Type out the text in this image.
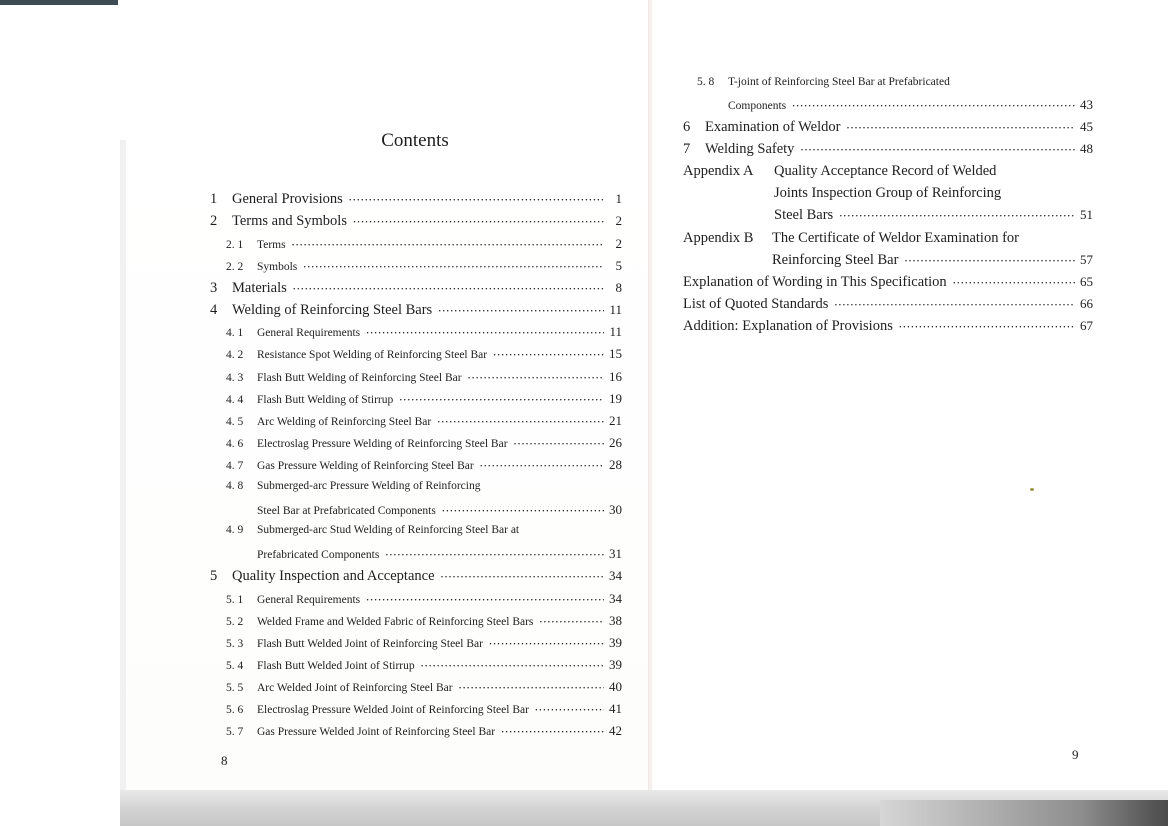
Contents
1	General Provisions ·····	1
2	Terms and Symbols ·····	2
2. 1	Terms ·····	2
2. 2	Symbols ·····	5
3	Materials ·····	8
4	Welding of Reinforcing Steel Bars ·····	11
4. 1	General Requirements ·····	11
4. 2	Resistance Spot Welding of Reinforcing Steel Bar ·····	15
4. 3	Flash Butt Welding of Reinforcing Steel Bar ·····	16
4. 4	Flash Butt Welding of Stirrup ·····	19
4. 5	Arc Welding of Reinforcing Steel Bar ·····	21
4. 6	Electroslag Pressure Welding of Reinforcing Steel Bar ·····	26
4. 7	Gas Pressure Welding of Reinforcing Steel Bar ·····	28
4. 8	Submerged-arc Pressure Welding of Reinforcing
Steel Bar at Prefabricated Components ·····	30
4. 9	Submerged-arc Stud Welding of Reinforcing Steel Bar at
Prefabricated Components ·····	31
5	Quality Inspection and Acceptance ·····	34
5. 1	General Requirements ·····	34
5. 2	Welded Frame and Welded Fabric of Reinforcing Steel Bars ·····	38
5. 3	Flash Butt Welded Joint of Reinforcing Steel Bar ·····	39
5. 4	Flash Butt Welded Joint of Stirrup ·····	39
5. 5	Arc Welded Joint of Reinforcing Steel Bar ·····	40
5. 6	Electroslag Pressure Welded Joint of Reinforcing Steel Bar ·····	41
5. 7	Gas Pressure Welded Joint of Reinforcing Steel Bar ·····	42
8
5. 8	T-joint of Reinforcing Steel Bar at Prefabricated
Components ·····	43
6	Examination of Weldor ·····	45
7	Welding Safety ·····	48
Appendix A Quality Acceptance Record of Welded
Joints Inspection Group of Reinforcing
Steel Bars ·····	51
Appendix B The Certificate of Weldor Examination for
Reinforcing Steel Bar ·····	57
Explanation of Wording in This Specification ·····	65
List of Quoted Standards ·····	66
Addition: Explanation of Provisions ·····	67
9
